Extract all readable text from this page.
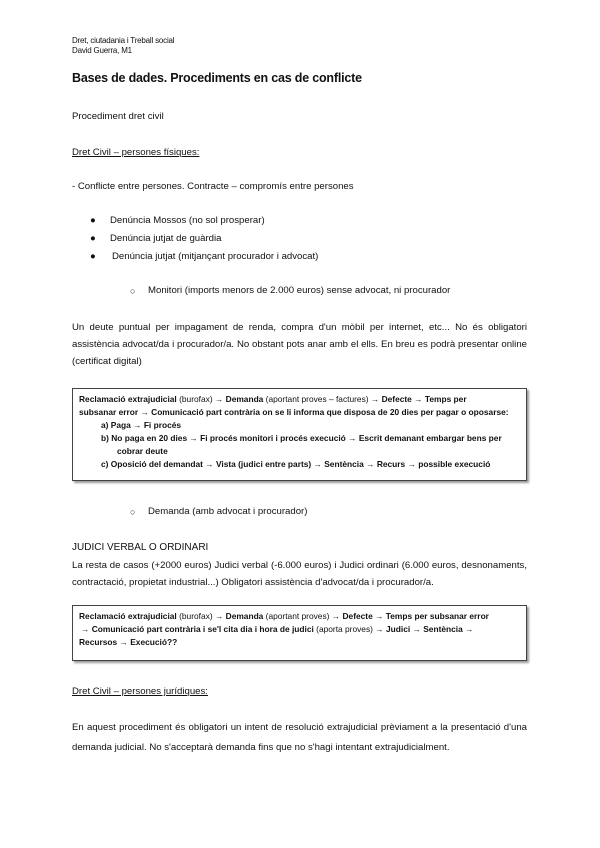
Dret, ciutadania i Treball social
David Guerra, M1
Bases de dades. Procediments en cas de conflicte
Procediment dret civil
Dret Civil – persones físiques:
- Conflicte entre persones. Contracte – compromís entre persones
● Denúncia Mossos (no sol prosperar)
● Denúncia jutjat de guàrdia
● Denúncia jutjat (mitjançant procurador i advocat)
○ Monitori (imports menors de 2.000 euros) sense advocat, ni procurador
Un deute puntual per impagament de renda, compra d'un mòbil per internet, etc... No és obligatori assistència advocat/da i procurador/a. No obstant pots anar amb el ells. En breu es podrà presentar online (certificat digital)
Reclamació extrajudicial (burofax) → Demanda (aportant proves – factures) → Defecte → Temps per
subsanar error → Comunicació part contrària on se li informa que disposa de 20 dies per pagar o oposarse:
a) Paga → Fi procés
b) No paga en 20 dies → Fi procés monitori i procés execució → Escrit demanant embargar bens per
cobrar deute
c) Oposició del demandat → Vista (judici entre parts) → Sentència → Recurs → possible execució
○ Demanda (amb advocat i procurador)
JUDICI VERBAL O ORDINARI
La resta de casos (+2000 euros) Judici verbal (-6.000 euros) i Judici ordinari (6.000 euros, desnonaments, contractació, propietat industrial...) Obligatori assistència d'advocat/da i procurador/a.
Reclamació extrajudicial (burofax) → Demanda (aportant proves) → Defecte → Temps per subsanar error
→ Comunicació part contrària i se'l cita dia i hora de judici (aporta proves) → Judici → Sentència →
Recursos → Execució??
Dret Civil – persones jurídiques:
En aquest procediment és obligatori un intent de resolució extrajudicial prèviament a la presentació d'una demanda judicial. No s'acceptarà demanda fins que no s'hagi intentant extrajudicialment.
